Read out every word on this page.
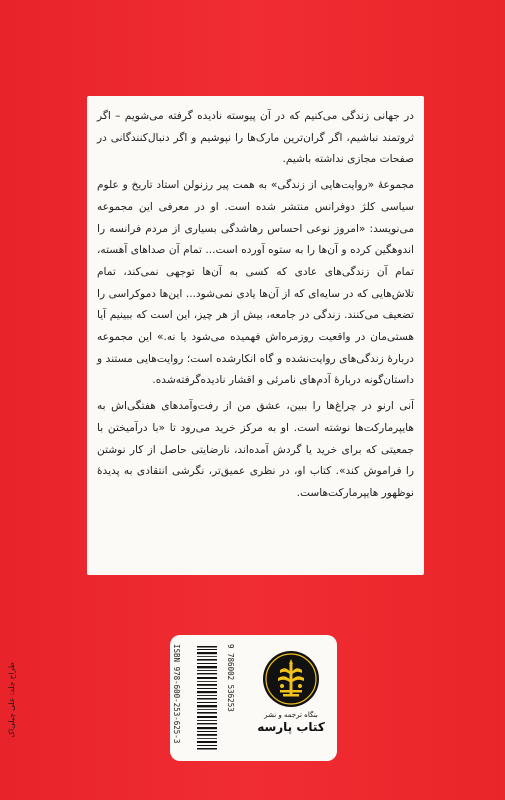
در جهانی زندگی می‌کنیم که در آن پیوسته نادیده گرفته می‌شویم – اگر ثروتمند نباشیم، اگر گران‌ترین مارک‌ها را نپوشیم و اگر دنبال‌کنندگانی در صفحات مجازی نداشته باشیم.

مجموعهٔ «روایت‌هایی از زندگی» به همت پیر رزنولن استاد تاریخ و علوم سیاسی کلژ دوفرانس منتشر شده است. او در معرفی این مجموعه می‌نویسد: «امروز نوعی احساس رهاشدگی بسیاری از مردم فرانسه را اندوهگین کرده و آن‌ها را به ستوه آورده است... تمام آن صداهای آهسته، تمام آن زندگی‌های عادی که کسی به آن‌ها توجهی نمی‌کند، تمام تلاش‌هایی که در سایه‌ای که از آن‌ها یادی نمی‌شود... این‌ها دموکراسی را تضعیف می‌کنند. زندگی در جامعه، بیش از هر چیز، این است که ببینیم آیا هستی‌مان در واقعیت روزمره‌اش فهمیده می‌شود یا نه.» این مجموعه دربارهٔ زندگی‌های روایت‌نشده و گاه انکارشده است؛ روایت‌هایی مستند و داستان‌گونه دربارهٔ آدم‌های نامرئی و اقشار نادیده‌گرفته‌شده.

آنی ارنو در چراغ‌ها را ببین، عشق من از رفت‌وآمدهای هفتگی‌اش به هایپرمارکت‌ها نوشته است. او به مرکز خرید می‌رود تا «با درآمیختن با جمعیتی که برای خرید یا گردش آمده‌اند، نارضایتی حاصل از کار نوشتن را فراموش کند». کتاب او، در نظری عمیق‌تر، نگرشی انتقادی به پدیدهٔ نوظهور هایپرمارکت‌هاست.

ISBN 978-600-253-625-3	9 786002 536253
بنگاه ترجمه و نشر
کتاب پارسه
طراح جلد: علی چیلی‌اک
